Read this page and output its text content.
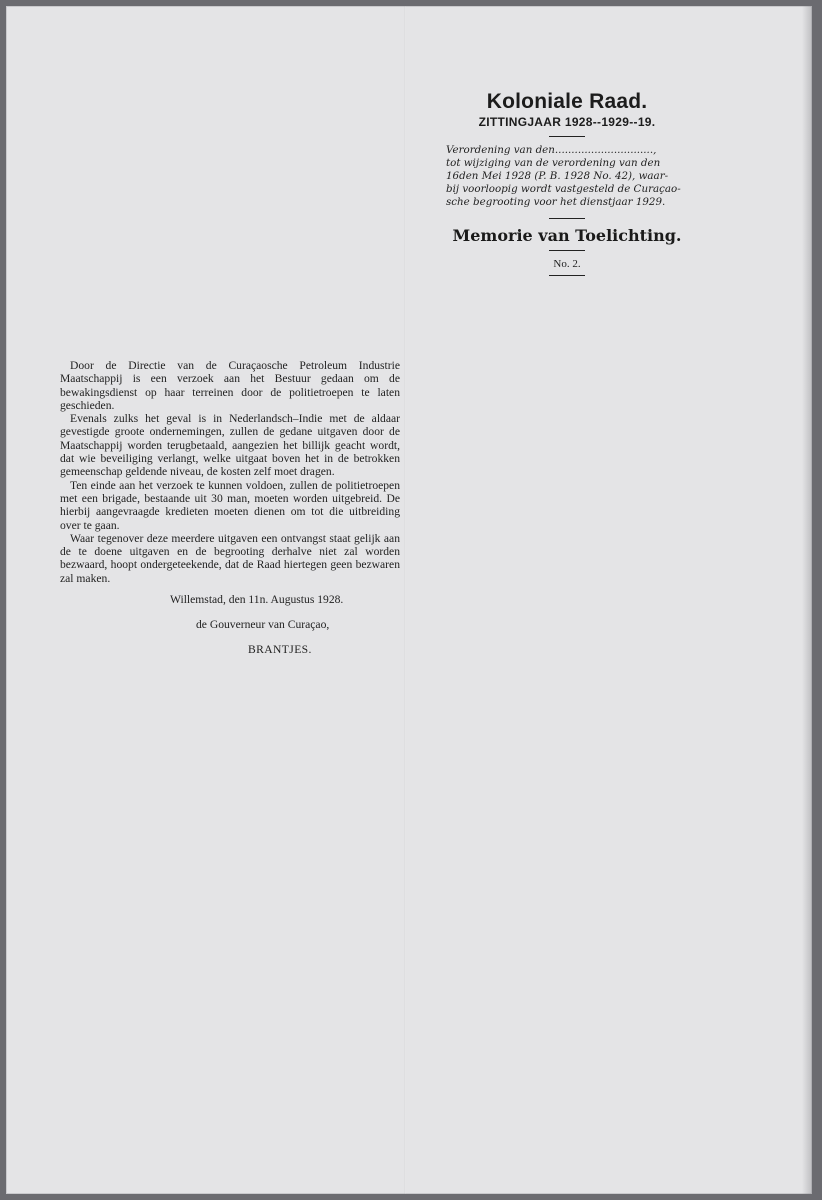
Koloniale Raad.
ZITTINGJAAR 1928--1929--19.
Verordening van den..............................,
tot wijziging van de verordening van den
16den Mei 1928 (P. B. 1928 No. 42), waar-
bij voorloopig wordt vastgesteld de Curaçao-
sche begrooting voor het dienstjaar 1929.
Memorie van Toelichting.
No. 2.

Door de Directie van de Curaçaosche Petroleum Industrie Maatschappij is een verzoek aan het Bestuur gedaan om de bewakingsdienst op haar terreinen door de politietroepen te laten geschieden.

Evenals zulks het geval is in Nederlandsch–Indie met de aldaar gevestigde groote ondernemingen, zullen de gedane uitgaven door de Maatschappij worden terugbetaald, aangezien het billijk geacht wordt, dat wie beveiliging verlangt, welke uitgaat boven het in de betrokken gemeenschap geldende niveau, de kosten zelf moet dragen.

Ten einde aan het verzoek te kunnen voldoen, zullen de politietroepen met een brigade, bestaande uit 30 man, moeten worden uitgebreid. De hierbij aangevraagde kredieten moeten dienen om tot die uitbreiding over te gaan.

Waar tegenover deze meerdere uitgaven een ontvangst staat gelijk aan de te doene uitgaven en de begrooting derhalve niet zal worden bezwaard, hoopt ondergeteekende, dat de Raad hiertegen geen bezwaren zal maken.

Willemstad, den 11n. Augustus 1928.
de Gouverneur van Curaçao,
BRANTJES.
